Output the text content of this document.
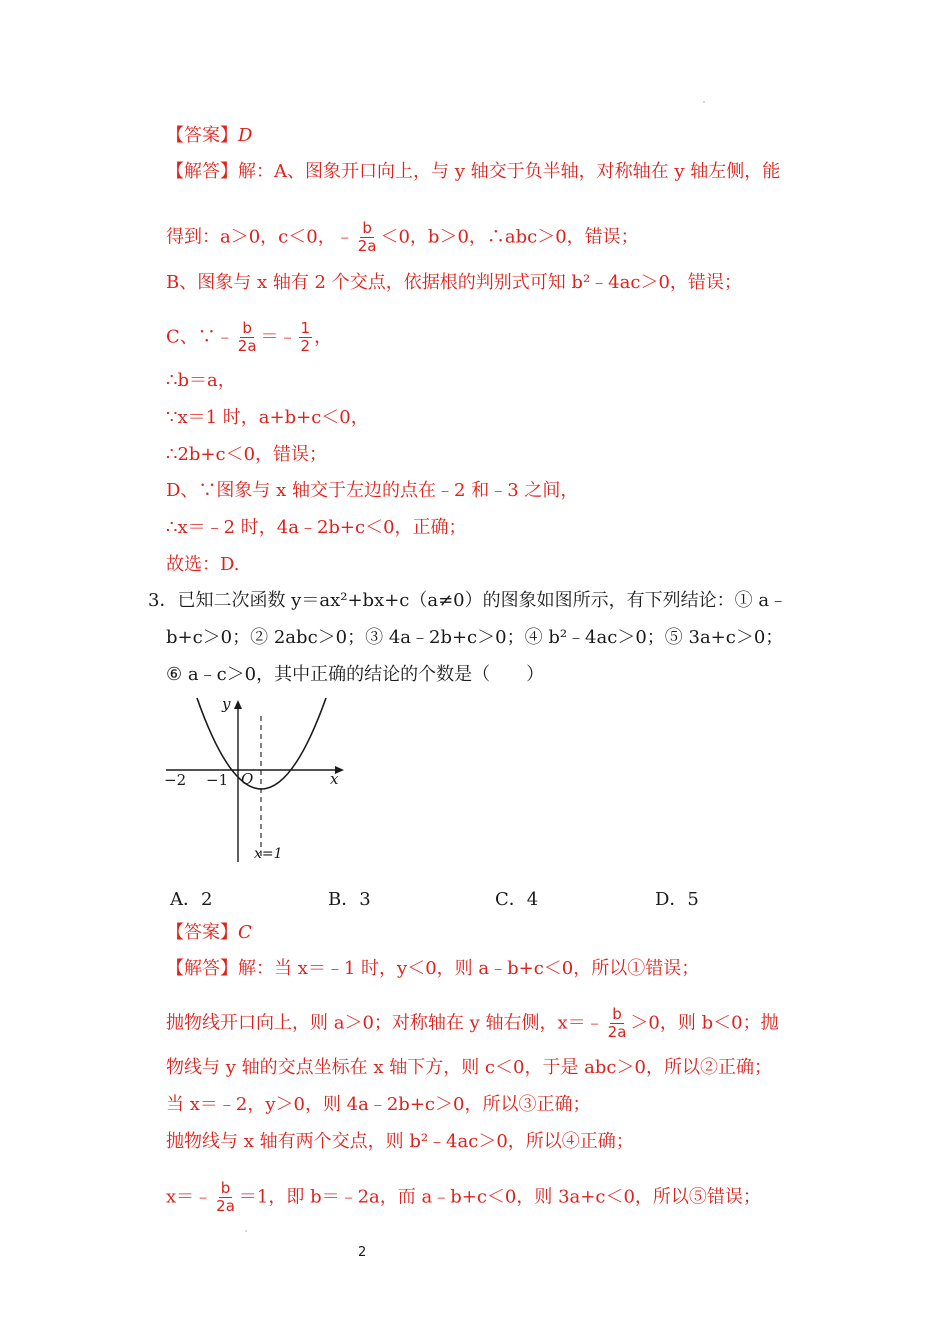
【答案】D
【解答】解：A、图象开口向上，与 y 轴交于负半轴，对称轴在 y 轴左侧，能
得到：a＞0，c＜0，﹣ $\frac{b}{2a} <0$，b＞0，∴abc＞0，错误；
B、图象与 x 轴有 2 个交点，依据根的判别式可知 b²﹣4ac＞0，错误；
C、∵﹣ $\frac{b}{2a}$ ＝﹣ $\frac{1}{2}$ ，
∴b＝a，
∵x＝1 时，a+b+c＜0，
∴2b+c＜0，错误；
D、∵图象与 x 轴交于左边的点在﹣2 和﹣3 之间，
∴x＝﹣2 时，4a﹣2b+c＜0，正确；
故选：D.
3．已知二次函数 y＝ax²+bx+c（a≠0）的图象如图所示，有下列结论：① a﹣
b+c＞0；② 2abc＞0；③ 4a﹣2b+c＞0；④ b²﹣4ac＞0；⑤ 3a+c＞0；
⑥ a﹣c＞0，其中正确的结论的个数是（　　）
y
x
O
−2 −1
x=1
A．2	B．3	C．4	D．5
【答案】C
【解答】解：当 x＝﹣1 时，y＜0，则 a﹣b+c＜0，所以①错误；
抛物线开口向上，则 a＞0；对称轴在 y 轴右侧，x＝﹣ $\frac{b}{2a} >0$，则 b＜0；抛
物线与 y 轴的交点坐标在 x 轴下方，则 c＜0，于是 abc＞0，所以②正确；
当 x＝﹣2，y＞0，则 4a﹣2b+c＞0，所以③正确；
抛物线与 x 轴有两个交点，则 b²﹣4ac＞0，所以④正确；
x＝﹣ $\frac{b}{2a} =1$，即 b＝﹣2a，而 a﹣b+c＜0，则 3a+c＜0，所以⑤错误；
2
